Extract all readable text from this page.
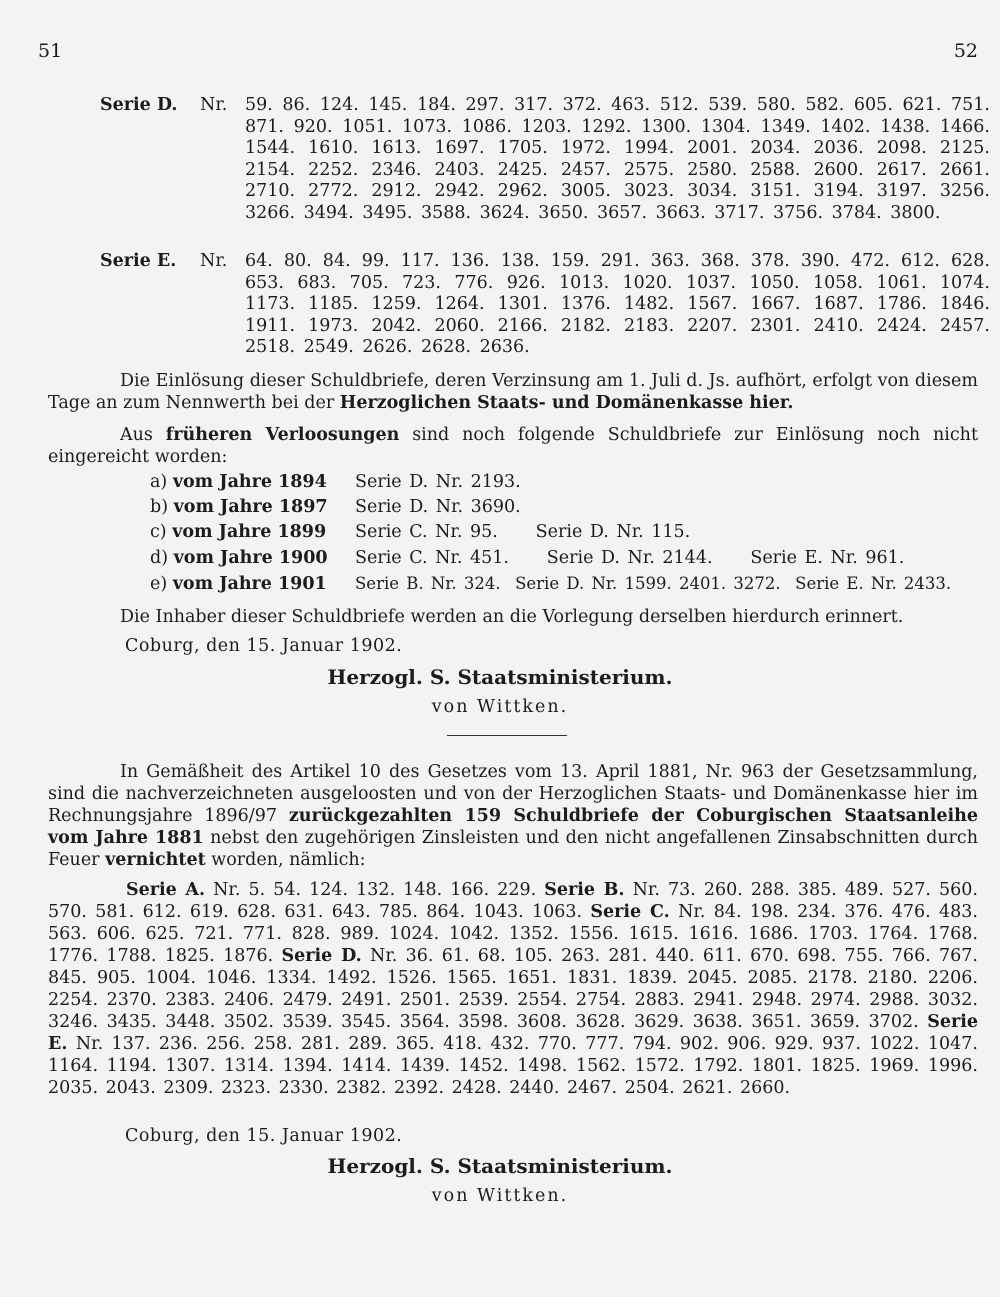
51	52
Serie D.	Nr.	59. 86. 124. 145. 184. 297. 317. 372. 463. 512. 539. 580. 582. 605. 621. 751. 871. 920. 1051. 1073. 1086. 1203. 1292. 1300. 1304. 1349. 1402. 1438. 1466. 1544. 1610. 1613. 1697. 1705. 1972. 1994. 2001. 2034. 2036. 2098. 2125. 2154. 2252. 2346. 2403. 2425. 2457. 2575. 2580. 2588. 2600. 2617. 2661. 2710. 2772. 2912. 2942. 2962. 3005. 3023. 3034. 3151. 3194. 3197. 3256. 3266. 3494. 3495. 3588. 3624. 3650. 3657. 3663. 3717. 3756. 3784. 3800.
Serie E.	Nr.	64. 80. 84. 99. 117. 136. 138. 159. 291. 363. 368. 378. 390. 472. 612. 628. 653. 683. 705. 723. 776. 926. 1013. 1020. 1037. 1050. 1058. 1061. 1074. 1173. 1185. 1259. 1264. 1301. 1376. 1482. 1567. 1667. 1687. 1786. 1846. 1911. 1973. 2042. 2060. 2166. 2182. 2183. 2207. 2301. 2410. 2424. 2457. 2518. 2549. 2626. 2628. 2636.
Die Einlösung dieser Schuldbriefe, deren Verzinsung am 1. Juli d. Js. aufhört, erfolgt von diesem Tage an zum Nennwerth bei der Herzoglichen Staats- und Domänenkasse hier.
Aus früheren Verloosungen sind noch folgende Schuldbriefe zur Einlösung noch nicht eingereicht worden:
a) vom Jahre 1894 Serie D. Nr. 2193.
b) vom Jahre 1897 Serie D. Nr. 3690.
c) vom Jahre 1899 Serie C. Nr. 95.     Serie D. Nr. 115.
d) vom Jahre 1900 Serie C. Nr. 451.     Serie D. Nr. 2144.     Serie E. Nr. 961.
e) vom Jahre 1901 Serie B. Nr. 324.  Serie D. Nr. 1599. 2401. 3272.  Serie E. Nr. 2433.
Die Inhaber dieser Schuldbriefe werden an die Vorlegung derselben hierdurch erinnert.
Coburg, den 15. Januar 1902.
Herzogl. S. Staatsministerium.
von Wittken.
In Gemäßheit des Artikel 10 des Gesetzes vom 13. April 1881, Nr. 963 der Gesetzsammlung, sind die nachverzeichneten ausgeloosten und von der Herzoglichen Staats- und Domänenkasse hier im Rechnungsjahre 1896/97 zurückgezahlten 159 Schuldbriefe der Coburgischen Staatsanleihe vom Jahre 1881 nebst den zugehörigen Zinsleisten und den nicht angefallenen Zinsabschnitten durch Feuer vernichtet worden, nämlich:
Serie A. Nr. 5. 54. 124. 132. 148. 166. 229. Serie B. Nr. 73. 260. 288. 385. 489. 527. 560. 570. 581. 612. 619. 628. 631. 643. 785. 864. 1043. 1063. Serie C. Nr. 84. 198. 234. 376. 476. 483. 563. 606. 625. 721. 771. 828. 989. 1024. 1042. 1352. 1556. 1615. 1616. 1686. 1703. 1764. 1768. 1776. 1788. 1825. 1876. Serie D. Nr. 36. 61. 68. 105. 263. 281. 440. 611. 670. 698. 755. 766. 767. 845. 905. 1004. 1046. 1334. 1492. 1526. 1565. 1651. 1831. 1839. 2045. 2085. 2178. 2180. 2206. 2254. 2370. 2383. 2406. 2479. 2491. 2501. 2539. 2554. 2754. 2883. 2941. 2948. 2974. 2988. 3032. 3246. 3435. 3448. 3502. 3539. 3545. 3564. 3598. 3608. 3628. 3629. 3638. 3651. 3659. 3702. Serie E. Nr. 137. 236. 256. 258. 281. 289. 365. 418. 432. 770. 777. 794. 902. 906. 929. 937. 1022. 1047. 1164. 1194. 1307. 1314. 1394. 1414. 1439. 1452. 1498. 1562. 1572. 1792. 1801. 1825. 1969. 1996. 2035. 2043. 2309. 2323. 2330. 2382. 2392. 2428. 2440. 2467. 2504. 2621. 2660.
Coburg, den 15. Januar 1902.
Herzogl. S. Staatsministerium.
von Wittken.
